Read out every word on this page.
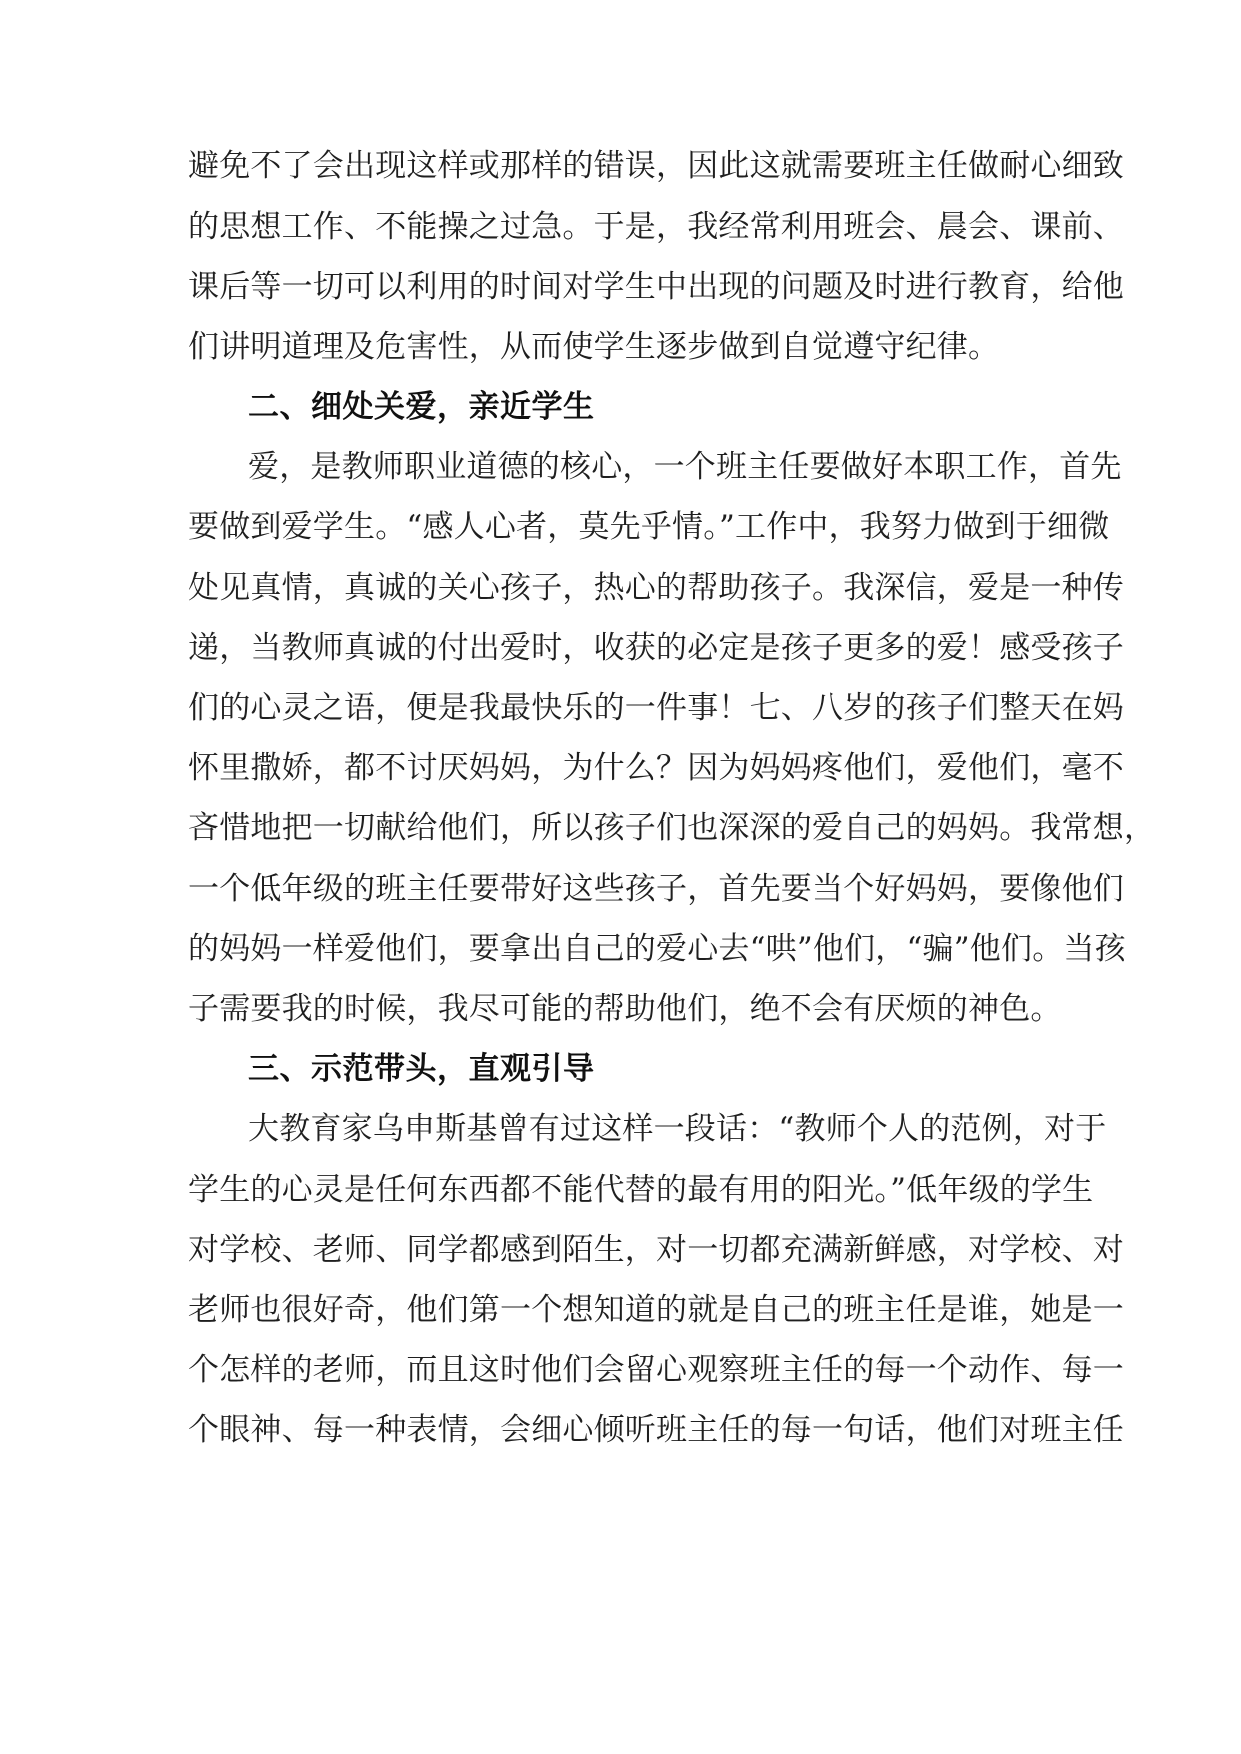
避免不了会出现这样或那样的错误，因此这就需要班主任做耐心细致
的思想工作、不能操之过急。于是，我经常利用班会、晨会、课前、
课后等一切可以利用的时间对学生中出现的问题及时进行教育，给他
们讲明道理及危害性，从而使学生逐步做到自觉遵守纪律。
二、细处关爱，亲近学生
爱，是教师职业道德的核心，一个班主任要做好本职工作，首先
要做到爱学生。“感人心者，莫先乎情。”工作中，我努力做到于细微
处见真情，真诚的关心孩子，热心的帮助孩子。我深信，爱是一种传
递，当教师真诚的付出爱时，收获的必定是孩子更多的爱！感受孩子
们的心灵之语，便是我最快乐的一件事！七、八岁的孩子们整天在妈
怀里撒娇，都不讨厌妈妈，为什么？因为妈妈疼他们，爱他们，毫不
吝惜地把一切献给他们，所以孩子们也深深的爱自己的妈妈。我常想，
一个低年级的班主任要带好这些孩子，首先要当个好妈妈，要像他们
的妈妈一样爱他们，要拿出自己的爱心去“哄”他们，“骗”他们。当孩
子需要我的时候，我尽可能的帮助他们，绝不会有厌烦的神色。
三、示范带头，直观引导
大教育家乌申斯基曾有过这样一段话：“教师个人的范例，对于
学生的心灵是任何东西都不能代替的最有用的阳光。”低年级的学生
对学校、老师、同学都感到陌生，对一切都充满新鲜感，对学校、对
老师也很好奇，他们第一个想知道的就是自己的班主任是谁，她是一
个怎样的老师，而且这时他们会留心观察班主任的每一个动作、每一
个眼神、每一种表情，会细心倾听班主任的每一句话，他们对班主任
